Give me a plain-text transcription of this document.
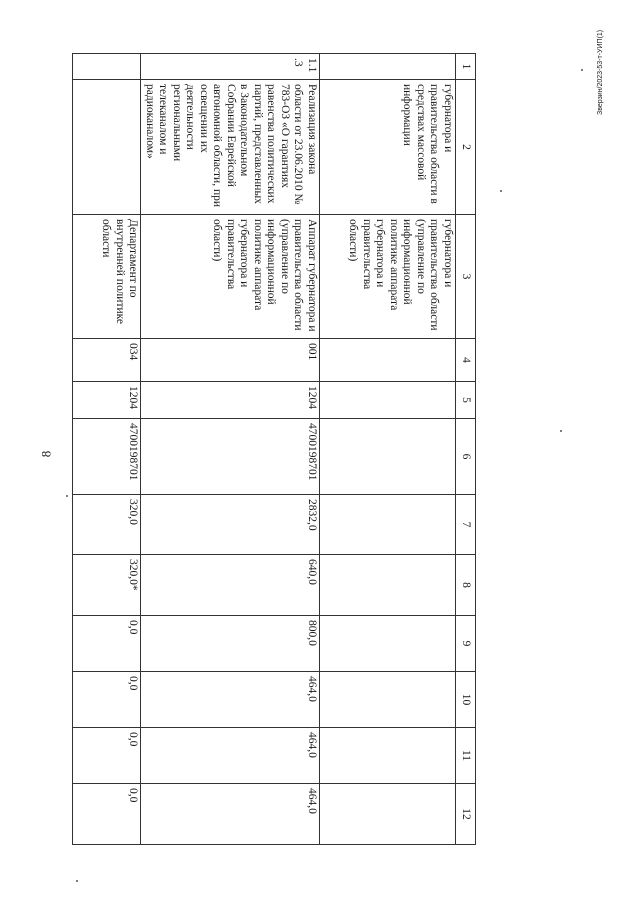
8
Зверзин/2023-53-т-УИП(1)
1	2	3	4	5	6	7	8	9	10	11	12
	губернатора и правительства области в средствах массовой информации	губернатора и правительства области (управление по информационной политике аппарата губернатора и правительства области)									
1.1.3	Реализация закона области от 23.06.2010 № 783-ОЗ «О гарантиях равенства политических партий, представленных в Законодательном Собрании Еврейской автономной области, при освещении их деятельности региональными телеканалом и радиоканалом»	Аппарат губернатора и правительства области (управление по информационной политике аппарата губернатора и правительства области)	001	1204	4700198701	2832,0	640,0	800,0	464,0	464,0	464,0
		Департамент по внутренней политике области	034	1204	4700198701	320,0	320,0*	0,0	0,0	0,0	0,0
